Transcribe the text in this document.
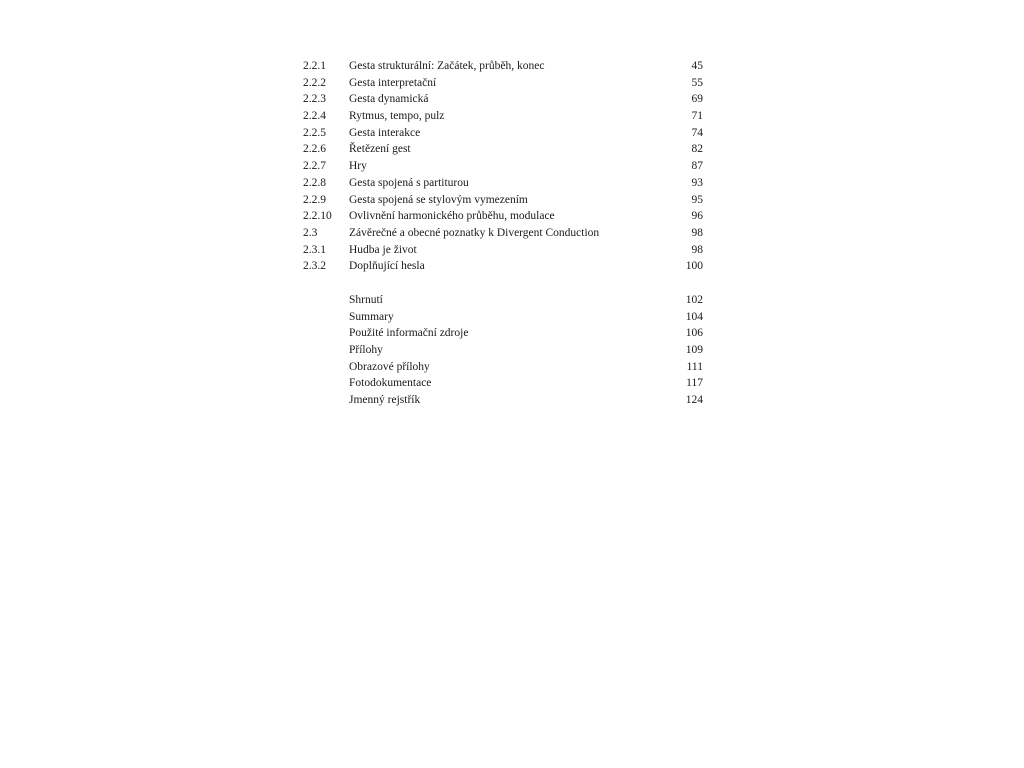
2.2.1	Gesta strukturální: Začátek, průběh, konec	45
2.2.2	Gesta interpretační	55
2.2.3	Gesta dynamická	69
2.2.4	Rytmus, tempo, pulz	71
2.2.5	Gesta interakce	74
2.2.6	Řetězení gest	82
2.2.7	Hry	87
2.2.8	Gesta spojená s partiturou	93
2.2.9	Gesta spojená se stylovým vymezením	95
2.2.10	Ovlivnění harmonického průběhu, modulace	96
2.3	Závěrečné a obecné poznatky k Divergent Conduction	98
2.3.1	Hudba je život	98
2.3.2	Doplňující hesla	100
Shrnutí	102
Summary	104
Použité informační zdroje	106
Přílohy	109
Obrazové přílohy	111
Fotodokumentace	117
Jmenný rejstřík	124
